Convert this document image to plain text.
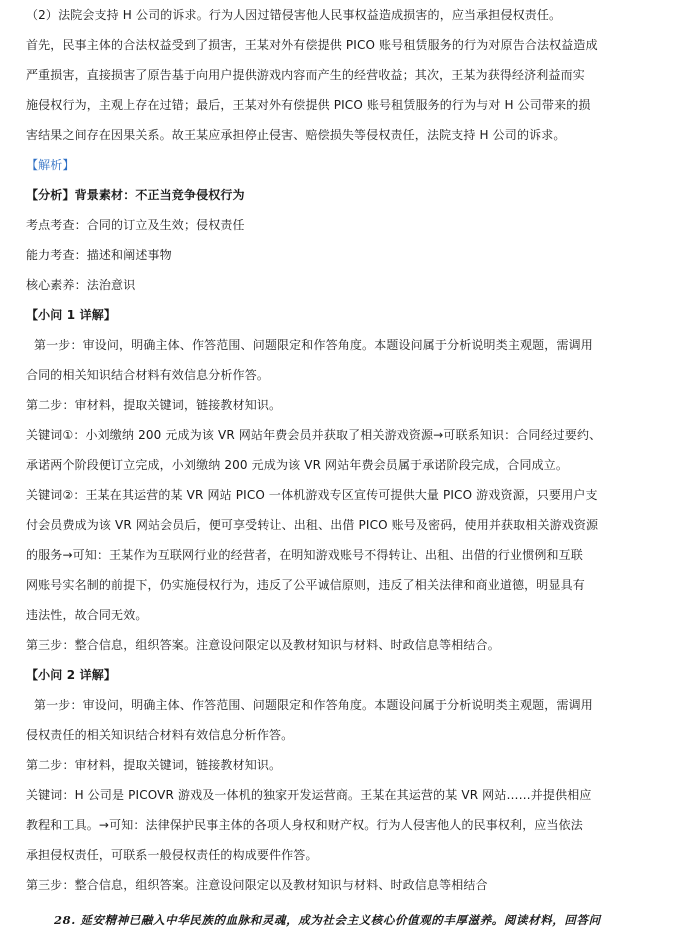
（2）法院会支持 H 公司的诉求。行为人因过错侵害他人民事权益造成损害的，应当承担侵权责任。
首先，民事主体的合法权益受到了损害，王某对外有偿提供 PICO 账号租赁服务的行为对原告合法权益造成
严重损害，直接损害了原告基于向用户提供游戏内容而产生的经营收益；其次，王某为获得经济利益而实
施侵权行为，主观上存在过错；最后，王某对外有偿提供 PICO 账号租赁服务的行为与对 H 公司带来的损
害结果之间存在因果关系。故王某应承担停止侵害、赔偿损失等侵权责任，法院支持 H 公司的诉求。
【解析】
【分析】背景素材：不正当竞争侵权行为
考点考查：合同的订立及生效；侵权责任
能力考查：描述和阐述事物
核心素养：法治意识
【小问 1 详解】
第一步：审设问，明确主体、作答范围、问题限定和作答角度。本题设问属于分析说明类主观题，需调用
合同的相关知识结合材料有效信息分析作答。
第二步：审材料，提取关键词，链接教材知识。
关键词①：小刘缴纳 200 元成为该 VR 网站年费会员并获取了相关游戏资源→可联系知识：合同经过要约、
承诺两个阶段便订立完成，小刘缴纳 200 元成为该 VR 网站年费会员属于承诺阶段完成，合同成立。
关键词②：王某在其运营的某 VR 网站 PICO 一体机游戏专区宣传可提供大量 PICO 游戏资源，只要用户支
付会员费成为该 VR 网站会员后，便可享受转让、出租、出借 PICO 账号及密码，使用并获取相关游戏资源
的服务→可知：王某作为互联网行业的经营者，在明知游戏账号不得转让、出租、出借的行业惯例和互联
网账号实名制的前提下，仍实施侵权行为，违反了公平诚信原则，违反了相关法律和商业道德，明显具有
违法性，故合同无效。
第三步：整合信息，组织答案。注意设问限定以及教材知识与材料、时政信息等相结合。
【小问 2 详解】
第一步：审设问，明确主体、作答范围、问题限定和作答角度。本题设问属于分析说明类主观题，需调用
侵权责任的相关知识结合材料有效信息分析作答。
第二步：审材料，提取关键词，链接教材知识。
关键词：H 公司是 PICOVR 游戏及一体机的独家开发运营商。王某在其运营的某 VR 网站……并提供相应
教程和工具。→可知：法律保护民事主体的各项人身权和财产权。行为人侵害他人的民事权利，应当依法
承担侵权责任，可联系一般侵权责任的构成要件作答。
第三步：整合信息，组织答案。注意设问限定以及教材知识与材料、时政信息等相结合
28. 延安精神已融入中华民族的血脉和灵魂，成为社会主义核心价值观的丰厚滋养。阅读材料，回答问
